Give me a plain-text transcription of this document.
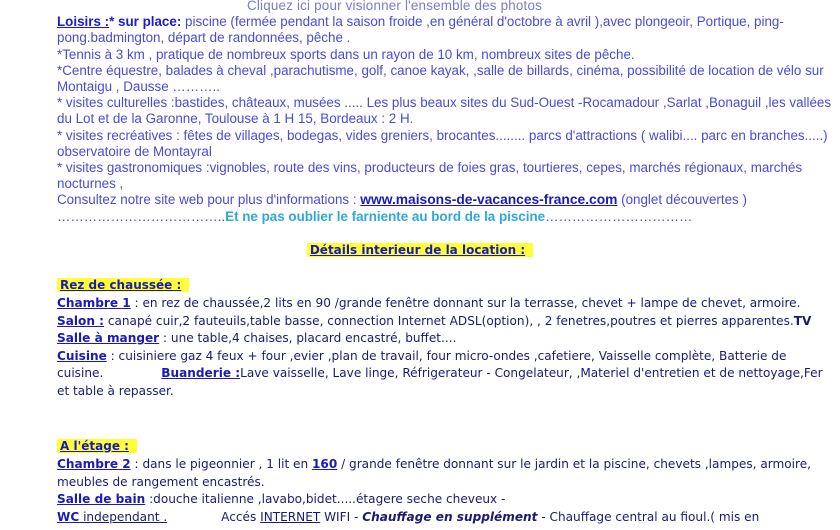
Cliquez ici pour visionner l'ensemble des photos

Loisirs :* sur place: piscine (fermée pendant la saison froide ,en général d'octobre à avril ),avec plongeoir, Portique, ping-pong.badmington, départ de randonnées, pêche .

*Tennis à 3 km , pratique de nombreux sports dans un rayon de 10 km, nombreux sites de pêche.

*Centre équestre, balades à cheval ,parachutisme, golf, canoe kayak, ,salle de billards, cinéma, possibilité de location de vélo sur Montaigu , Dausse ………..

* visites culturelles :bastides, châteaux, musées ..... Les plus beaux sites du Sud-Ouest -Rocamadour ,Sarlat ,Bonaguil ,les vallées du Lot et de la Garonne, Toulouse à 1 H 15, Bordeaux : 2 H.

* visites recréatives : fêtes de villages, bodegas, vides greniers, brocantes........ parcs d'attractions ( walibi.... parc en branches.....) observatoire de Montayral

* visites gastronomiques :vignobles, route des vins, producteurs de foies gras, tourtieres, cepes, marchés régionaux, marchés nocturnes ,

Consultez notre site web pour plus d'informations : www.maisons-de-vacances-france.com (onglet découvertes )

………………………………..Et ne pas oublier le farniente au bord de la piscine……………………………

Détails interieur de la location :
Rez de chaussée :

Chambre 1 : en rez de chaussée,2 lits en 90 /grande fenêtre donnant sur la terrasse, chevet + lampe de chevet, armoire.

Salon : canapé cuir,2 fauteuils,table basse, connection Internet ADSL(option), , 2 fenetres,poutres et pierres apparentes.TV

Salle à manger : une table,4 chaises, placard encastré, buffet....

Cuisine : cuisiniere gaz 4 feux + four ,evier ,plan de travail, four micro-ondes ,cafetiere, Vaisselle complète, Batterie de cuisine.	Buanderie :Lave vaisselle, Lave linge, Réfrigerateur - Congelateur, ,Materiel d'entretien et de nettoyage,Fer et table à repasser.

A l'étage :

Chambre 2 : dans le pigeonnier , 1 lit en 160 / grande fenêtre donnant sur le jardin et la piscine, chevets ,lampes, armoire, meubles de rangement encastrés.

Salle de bain :douche italienne ,lavabo,bidet.....étagere seche cheveux -

WC independant .	Accés INTERNET WIFI - Chauffage en supplément - Chauffage central au fioul.( mis en
